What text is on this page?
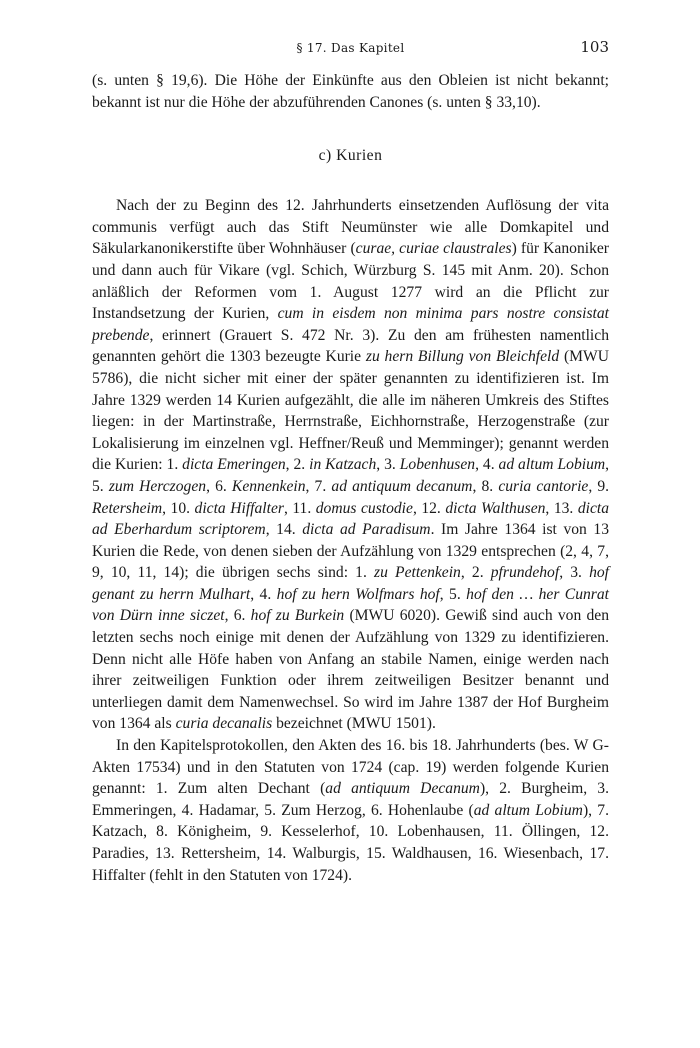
§ 17. Das Kapitel	103

(s. unten § 19,6). Die Höhe der Einkünfte aus den Obleien ist nicht bekannt; bekannt ist nur die Höhe der abzuführenden Canones (s. unten § 33,10).

c) Kurien

Nach der zu Beginn des 12. Jahrhunderts einsetzenden Auflösung der vita communis verfügt auch das Stift Neumünster wie alle Domkapitel und Säkularkanonikerstifte über Wohnhäuser (curae, curiae claustrales) für Kanoniker und dann auch für Vikare (vgl. Schich, Würzburg S. 145 mit Anm. 20). Schon anläßlich der Reformen vom 1. August 1277 wird an die Pflicht zur Instandsetzung der Kurien, cum in eisdem non minima pars nostre consistat prebende, erinnert (Grauert S. 472 Nr. 3). Zu den am frühesten namentlich genannten gehört die 1303 bezeugte Kurie zu hern Billung von Bleichfeld (MWU 5786), die nicht sicher mit einer der später genannten zu identifizieren ist. Im Jahre 1329 werden 14 Kurien aufgezählt, die alle im näheren Umkreis des Stiftes liegen: in der Martinstraße, Herrnstraße, Eichhornstraße, Herzogenstraße (zur Lokalisierung im einzelnen vgl. Heffner/Reuß und Memminger); genannt werden die Kurien: 1. dicta Emeringen, 2. in Katzach, 3. Lobenhusen, 4. ad altum Lobium, 5. zum Herczogen, 6. Kennenkein, 7. ad antiquum decanum, 8. curia cantorie, 9. Retersheim, 10. dicta Hiffalter, 11. domus custodie, 12. dicta Walthusen, 13. dicta ad Eberhardum scriptorem, 14. dicta ad Paradisum. Im Jahre 1364 ist von 13 Kurien die Rede, von denen sieben der Aufzählung von 1329 entsprechen (2, 4, 7, 9, 10, 11, 14); die übrigen sechs sind: 1. zu Pettenkein, 2. pfrundehof, 3. hof genant zu herrn Mulhart, 4. hof zu hern Wolfmars hof, 5. hof den … her Cunrat von Dürn inne siczet, 6. hof zu Burkein (MWU 6020). Gewiß sind auch von den letzten sechs noch einige mit denen der Aufzählung von 1329 zu identifizieren. Denn nicht alle Höfe haben von Anfang an stabile Namen, einige werden nach ihrer zeitweiligen Funktion oder ihrem zeitweiligen Besitzer benannt und unterliegen damit dem Namenwechsel. So wird im Jahre 1387 der Hof Burgheim von 1364 als curia decanalis bezeichnet (MWU 1501).

In den Kapitelsprotokollen, den Akten des 16. bis 18. Jahrhunderts (bes. W G-Akten 17534) und in den Statuten von 1724 (cap. 19) werden folgende Kurien genannt: 1. Zum alten Dechant (ad antiquum Decanum), 2. Burgheim, 3. Emmeringen, 4. Hadamar, 5. Zum Herzog, 6. Hohenlaube (ad altum Lobium), 7. Katzach, 8. Königheim, 9. Kesselerhof, 10. Lobenhausen, 11. Öllingen, 12. Paradies, 13. Rettersheim, 14. Walburgis, 15. Waldhausen, 16. Wiesenbach, 17. Hiffalter (fehlt in den Statuten von 1724).
